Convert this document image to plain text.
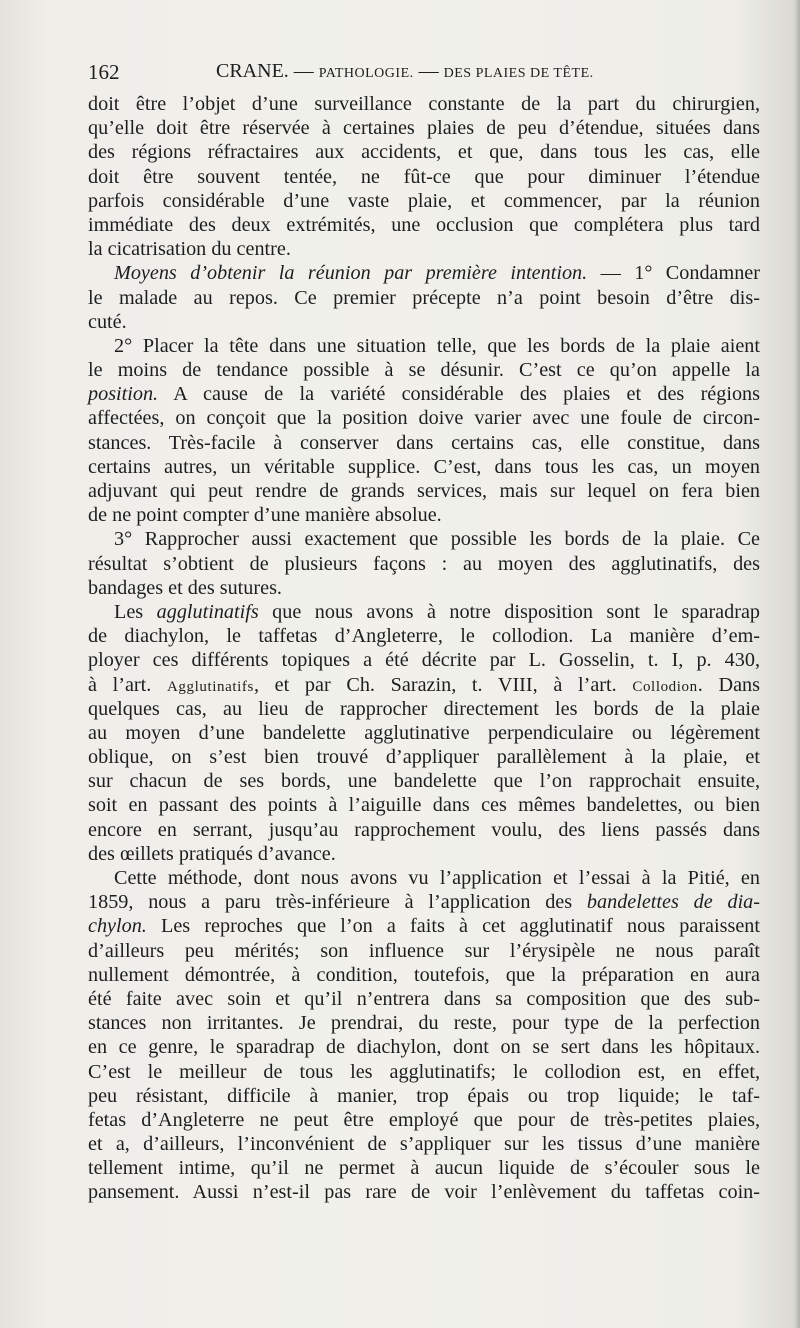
162	CRANE. — PATHOLOGIE. — DES PLAIES DE TÊTE.
doit être l’objet d’une surveillance constante de la part du chirurgien,
qu’elle doit être réservée à certaines plaies de peu d’étendue, situées dans
des régions réfractaires aux accidents, et que, dans tous les cas, elle
doit être souvent tentée, ne fût-ce que pour diminuer l’étendue
parfois considérable d’une vaste plaie, et commencer, par la réunion
immédiate des deux extrémités, une occlusion que complétera plus tard
la cicatrisation du centre.
Moyens d’obtenir la réunion par première intention. — 1° Condamner
le malade au repos. Ce premier précepte n’a point besoin d’être dis-
cuté.
2° Placer la tête dans une situation telle, que les bords de la plaie aient
le moins de tendance possible à se désunir. C’est ce qu’on appelle la
position. A cause de la variété considérable des plaies et des régions
affectées, on conçoit que la position doive varier avec une foule de circon-
stances. Très-facile à conserver dans certains cas, elle constitue, dans
certains autres, un véritable supplice. C’est, dans tous les cas, un moyen
adjuvant qui peut rendre de grands services, mais sur lequel on fera bien
de ne point compter d’une manière absolue.
3° Rapprocher aussi exactement que possible les bords de la plaie. Ce
résultat s’obtient de plusieurs façons : au moyen des agglutinatifs, des
bandages et des sutures.
Les agglutinatifs que nous avons à notre disposition sont le sparadrap
de diachylon, le taffetas d’Angleterre, le collodion. La manière d’em-
ployer ces différents topiques a été décrite par L. Gosselin, t. I, p. 430,
à l’art. Agglutinatifs, et par Ch. Sarazin, t. VIII, à l’art. Collodion. Dans
quelques cas, au lieu de rapprocher directement les bords de la plaie
au moyen d’une bandelette agglutinative perpendiculaire ou légèrement
oblique, on s’est bien trouvé d’appliquer parallèlement à la plaie, et
sur chacun de ses bords, une bandelette que l’on rapprochait ensuite,
soit en passant des points à l’aiguille dans ces mêmes bandelettes, ou bien
encore en serrant, jusqu’au rapprochement voulu, des liens passés dans
des œillets pratiqués d’avance.
Cette méthode, dont nous avons vu l’application et l’essai à la Pitié, en
1859, nous a paru très-inférieure à l’application des bandelettes de dia-
chylon. Les reproches que l’on a faits à cet agglutinatif nous paraissent
d’ailleurs peu mérités; son influence sur l’érysipèle ne nous paraît
nullement démontrée, à condition, toutefois, que la préparation en aura
été faite avec soin et qu’il n’entrera dans sa composition que des sub-
stances non irritantes. Je prendrai, du reste, pour type de la perfection
en ce genre, le sparadrap de diachylon, dont on se sert dans les hôpitaux.
C’est le meilleur de tous les agglutinatifs; le collodion est, en effet,
peu résistant, difficile à manier, trop épais ou trop liquide; le taf-
fetas d’Angleterre ne peut être employé que pour de très-petites plaies,
et a, d’ailleurs, l’inconvénient de s’appliquer sur les tissus d’une manière
tellement intime, qu’il ne permet à aucun liquide de s’écouler sous le
pansement. Aussi n’est-il pas rare de voir l’enlèvement du taffetas coin-
